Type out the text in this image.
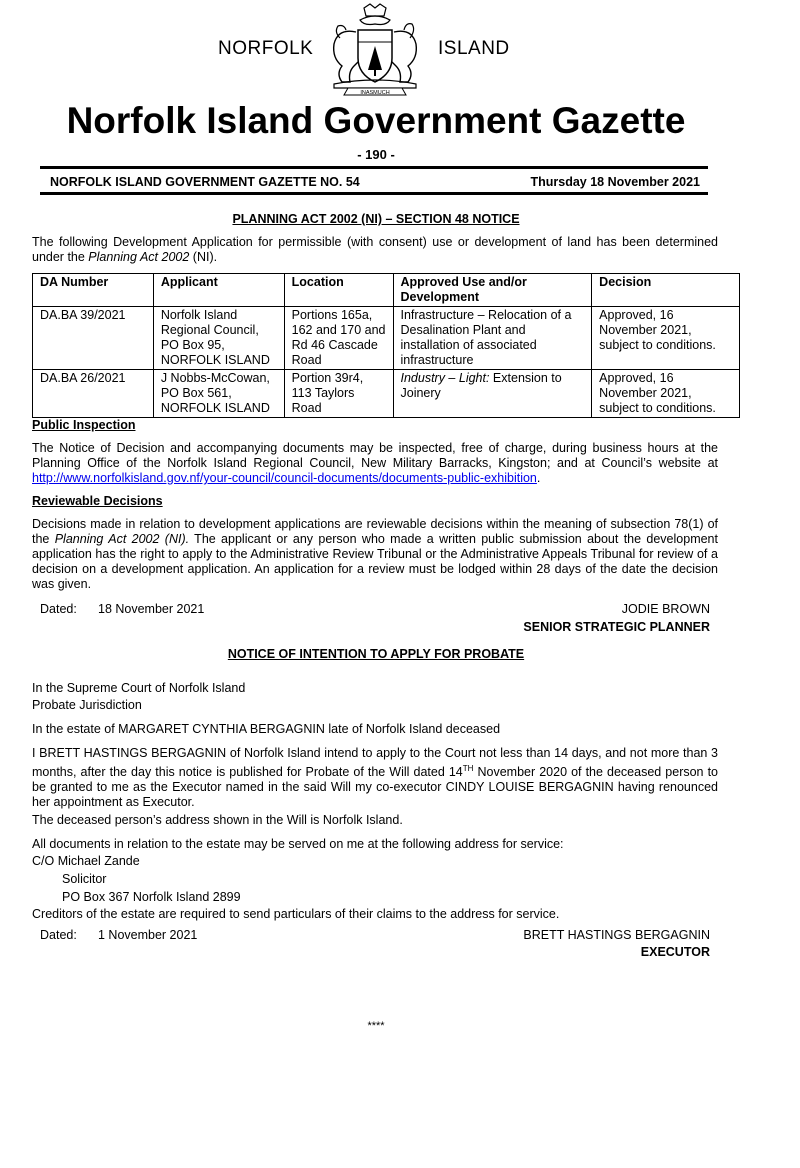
NORFOLK	ISLAND
INASMUCH
Norfolk Island Government Gazette
- 190 -
NORFOLK ISLAND GOVERNMENT GAZETTE NO. 54	Thursday 18 November 2021
PLANNING ACT 2002 (NI) – SECTION 48 NOTICE
The following Development Application for permissible (with consent) use or development of land has been determined under the Planning Act 2002 (NI).
DA Number	Applicant	Location	Approved Use and/or Development	Decision
DA.BA 39/2021	Norfolk Island Regional Council, PO Box 95, NORFOLK ISLAND	Portions 165a, 162 and 170 and Rd 46 Cascade Road	Infrastructure – Relocation of a Desalination Plant and installation of associated infrastructure	Approved, 16 November 2021, subject to conditions.
DA.BA 26/2021	J Nobbs-McCowan, PO Box 561, NORFOLK ISLAND	Portion 39r4, 113 Taylors Road	Industry – Light: Extension to Joinery	Approved, 16 November 2021, subject to conditions.
Public Inspection
The Notice of Decision and accompanying documents may be inspected, free of charge, during business hours at the Planning Office of the Norfolk Island Regional Council, New Military Barracks, Kingston; and at Council’s website at http://www.norfolkisland.gov.nf/your-council/council-documents/documents-public-exhibition.
Reviewable Decisions
Decisions made in relation to development applications are reviewable decisions within the meaning of subsection 78(1) of the Planning Act 2002 (NI). The applicant or any person who made a written public submission about the development application has the right to apply to the Administrative Review Tribunal or the Administrative Appeals Tribunal for review of a decision on a development application. An application for a review must be lodged within 28 days of the date the decision was given.
Dated: 18 November 2021	JODIE BROWN
SENIOR STRATEGIC PLANNER
NOTICE OF INTENTION TO APPLY FOR PROBATE
In the Supreme Court of Norfolk Island
Probate Jurisdiction
In the estate of MARGARET CYNTHIA BERGAGNIN late of Norfolk Island deceased
I BRETT HASTINGS BERGAGNIN of Norfolk Island intend to apply to the Court not less than 14 days, and not more than 3 months, after the day this notice is published for Probate of the Will dated 14TH November 2020 of the deceased person to be granted to me as the Executor named in the said Will my co-executor CINDY LOUISE BERGAGNIN having renounced her appointment as Executor.
The deceased person’s address shown in the Will is Norfolk Island.
All documents in relation to the estate may be served on me at the following address for service:
C/O Michael Zande
Solicitor
PO Box 367 Norfolk Island 2899
Creditors of the estate are required to send particulars of their claims to the address for service.
Dated: 1 November 2021	BRETT HASTINGS BERGAGNIN
EXECUTOR
****
